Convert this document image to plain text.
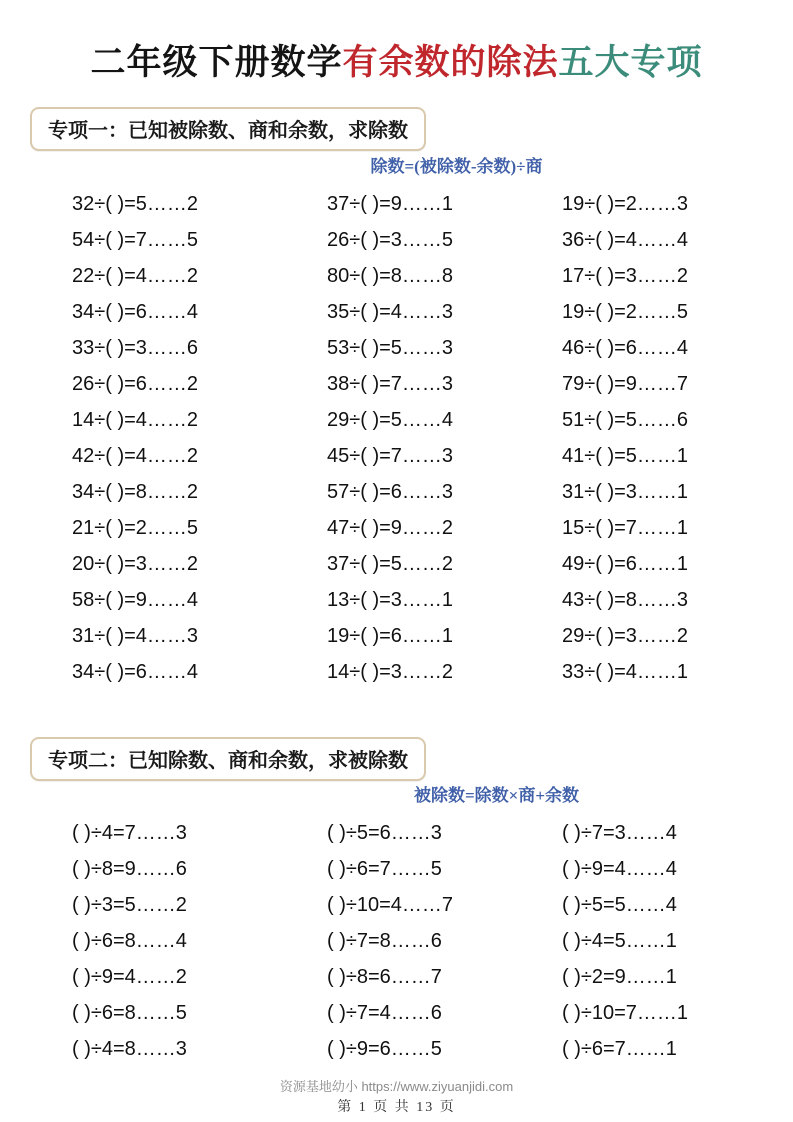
二年级下册数学有余数的除法五大专项
专项一：已知被除数、商和余数，求除数
除数=(被除数-余数)÷商
32÷( )=5……2	37÷( )=9……1	19÷( )=2……3
54÷( )=7……5	26÷( )=3……5	36÷( )=4……4
22÷( )=4……2	80÷( )=8……8	17÷( )=3……2
34÷( )=6……4	35÷( )=4……3	19÷( )=2……5
33÷( )=3……6	53÷( )=5……3	46÷( )=6……4
26÷( )=6……2	38÷( )=7……3	79÷( )=9……7
14÷( )=4……2	29÷( )=5……4	51÷( )=5……6
42÷( )=4……2	45÷( )=7……3	41÷( )=5……1
34÷( )=8……2	57÷( )=6……3	31÷( )=3……1
21÷( )=2……5	47÷( )=9……2	15÷( )=7……1
20÷( )=3……2	37÷( )=5……2	49÷( )=6……1
58÷( )=9……4	13÷( )=3……1	43÷( )=8……3
31÷( )=4……3	19÷( )=6……1	29÷( )=3……2
34÷( )=6……4	14÷( )=3……2	33÷( )=4……1
专项二：已知除数、商和余数，求被除数
被除数=除数×商+余数
( )÷4=7……3	( )÷5=6……3	( )÷7=3……4
( )÷8=9……6	( )÷6=7……5	( )÷9=4……4
( )÷3=5……2	( )÷10=4……7	( )÷5=5……4
( )÷6=8……4	( )÷7=8……6	( )÷4=5……1
( )÷9=4……2	( )÷8=6……7	( )÷2=9……1
( )÷6=8……5	( )÷7=4……6	( )÷10=7……1
( )÷4=8……3	( )÷9=6……5	( )÷6=7……1
资源基地幼小 https://www.ziyuanjidi.com
第 1 页 共 13 页
